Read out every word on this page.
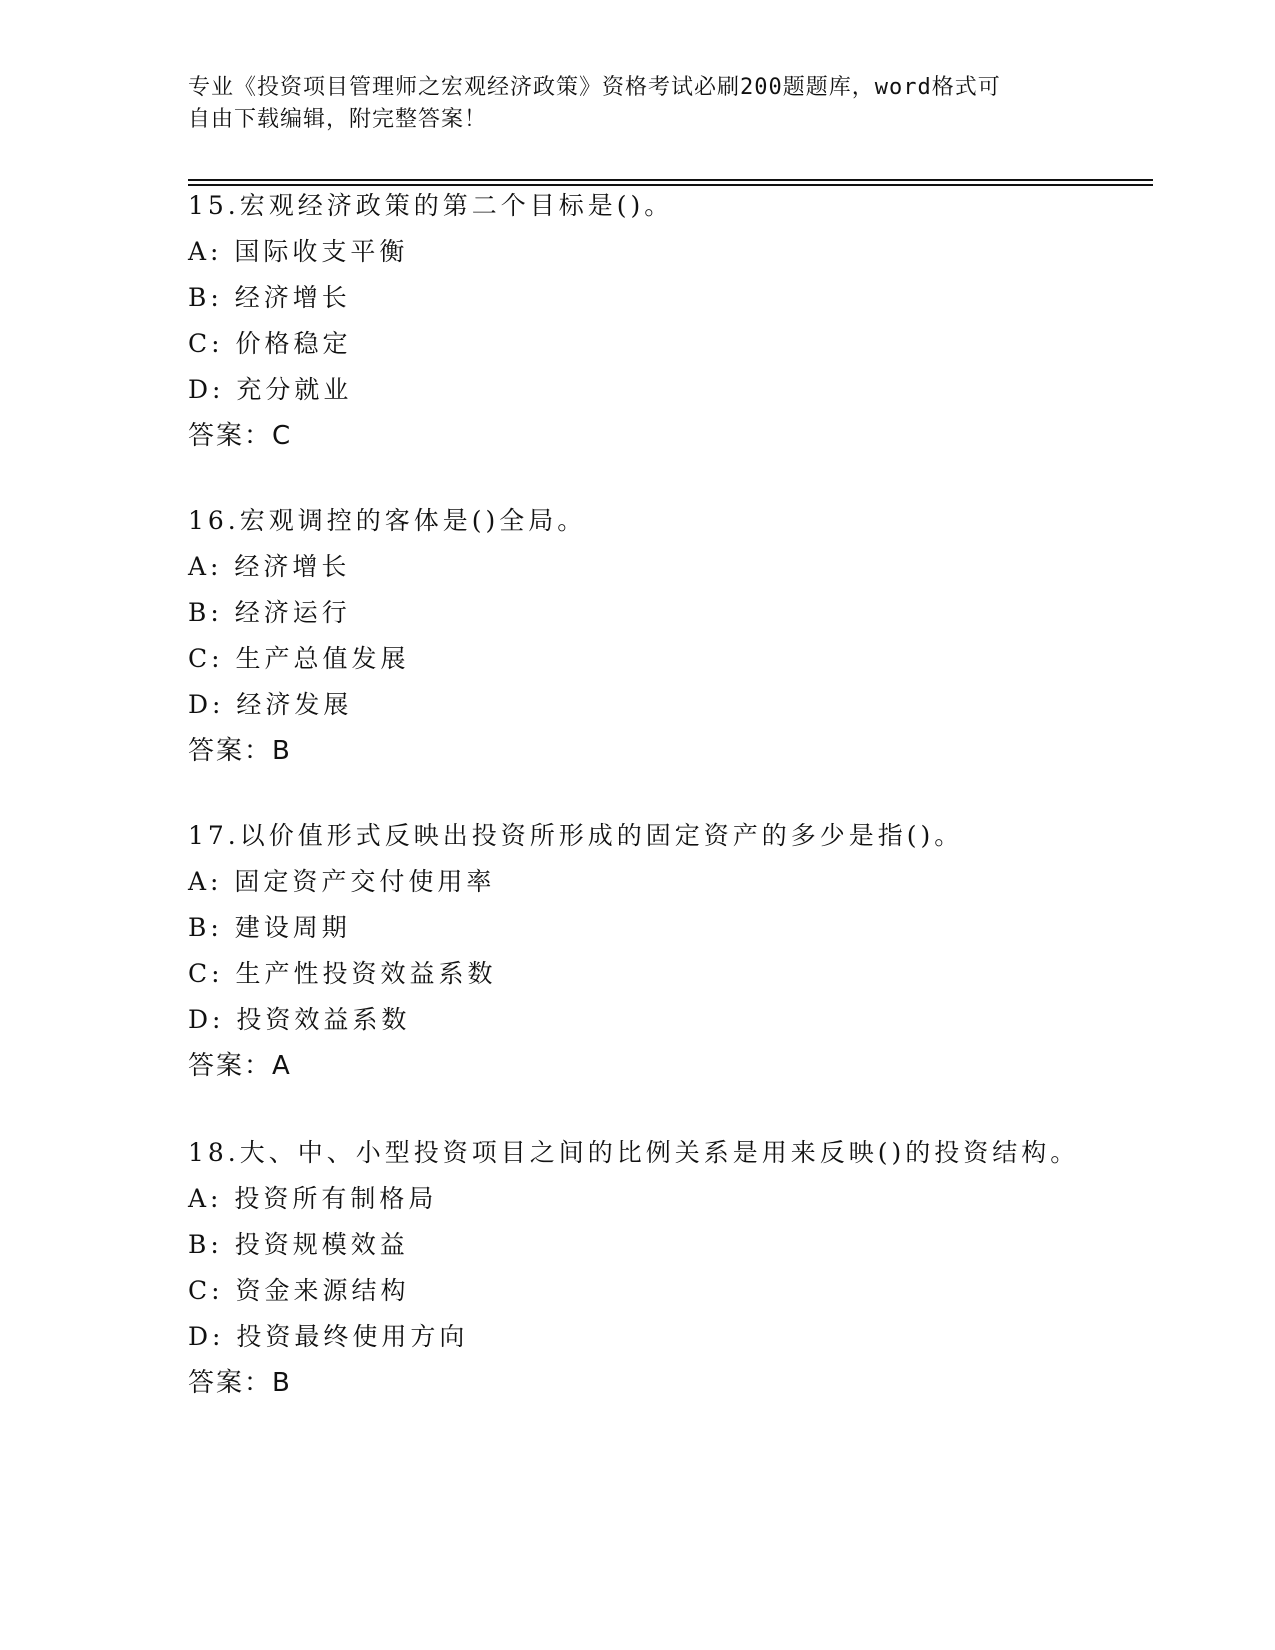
专业《投资项目管理师之宏观经济政策》资格考试必刷200题题库，word格式可
自由下载编辑，附完整答案！
15.宏观经济政策的第二个目标是()。
A: 国际收支平衡
B: 经济增长
C: 价格稳定
D: 充分就业
答案：C
16.宏观调控的客体是()全局。
A: 经济增长
B: 经济运行
C: 生产总值发展
D: 经济发展
答案：B
17.以价值形式反映出投资所形成的固定资产的多少是指()。
A: 固定资产交付使用率
B: 建设周期
C: 生产性投资效益系数
D: 投资效益系数
答案：A
18.大、中、小型投资项目之间的比例关系是用来反映()的投资结构。
A: 投资所有制格局
B: 投资规模效益
C: 资金来源结构
D: 投资最终使用方向
答案：B
